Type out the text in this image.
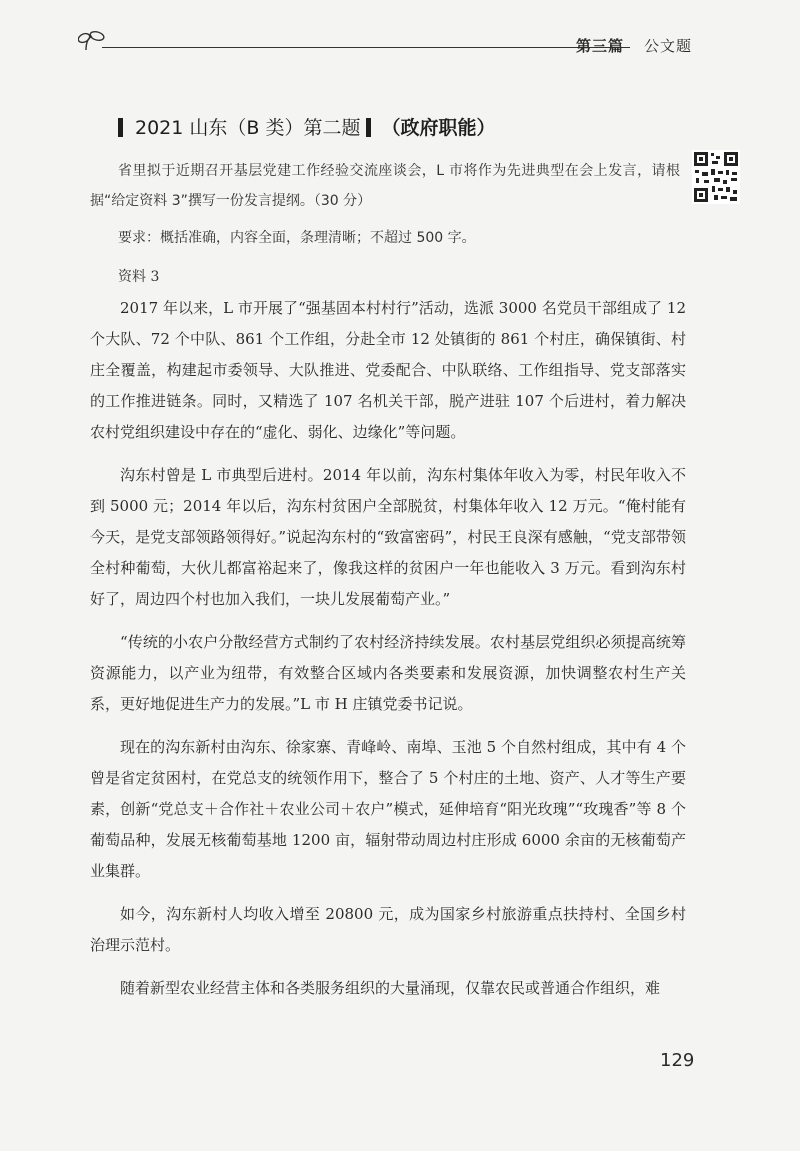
第三篇 公文题
2021 山东（B 类）第二题 （政府职能）
省里拟于近期召开基层党建工作经验交流座谈会，L 市将作为先进典型在会上发言，请根据“给定资料 3”撰写一份发言提纲。（30 分）
要求：概括准确，内容全面，条理清晰；不超过 500 字。
资料 3

2017 年以来，L 市开展了“强基固本村村行”活动，选派 3000 名党员干部组成了 12 个大队、72 个中队、861 个工作组，分赴全市 12 处镇街的 861 个村庄，确保镇街、村庄全覆盖，构建起市委领导、大队推进、党委配合、中队联络、工作组指导、党支部落实的工作推进链条。同时，又精选了 107 名机关干部，脱产进驻 107 个后进村，着力解决农村党组织建设中存在的“虚化、弱化、边缘化”等问题。

沟东村曾是 L 市典型后进村。2014 年以前，沟东村集体年收入为零，村民年收入不到 5000 元；2014 年以后，沟东村贫困户全部脱贫，村集体年收入 12 万元。“俺村能有今天，是党支部领路领得好。”说起沟东村的“致富密码”，村民王良深有感触，“党支部带领全村种葡萄，大伙儿都富裕起来了，像我这样的贫困户一年也能收入 3 万元。看到沟东村好了，周边四个村也加入我们，一块儿发展葡萄产业。”

“传统的小农户分散经营方式制约了农村经济持续发展。农村基层党组织必须提高统筹资源能力，以产业为纽带，有效整合区域内各类要素和发展资源，加快调整农村生产关系，更好地促进生产力的发展。”L 市 H 庄镇党委书记说。

现在的沟东新村由沟东、徐家寨、青峰岭、南埠、玉池 5 个自然村组成，其中有 4 个曾是省定贫困村，在党总支的统领作用下，整合了 5 个村庄的土地、资产、人才等生产要素，创新“党总支＋合作社＋农业公司＋农户”模式，延伸培育“阳光玫瑰”“玫瑰香”等 8 个葡萄品种，发展无核葡萄基地 1200 亩，辐射带动周边村庄形成 6000 余亩的无核葡萄产业集群。

如今，沟东新村人均收入增至 20800 元，成为国家乡村旅游重点扶持村、全国乡村治理示范村。

随着新型农业经营主体和各类服务组织的大量涌现，仅靠农民或普通合作组织，难

129
